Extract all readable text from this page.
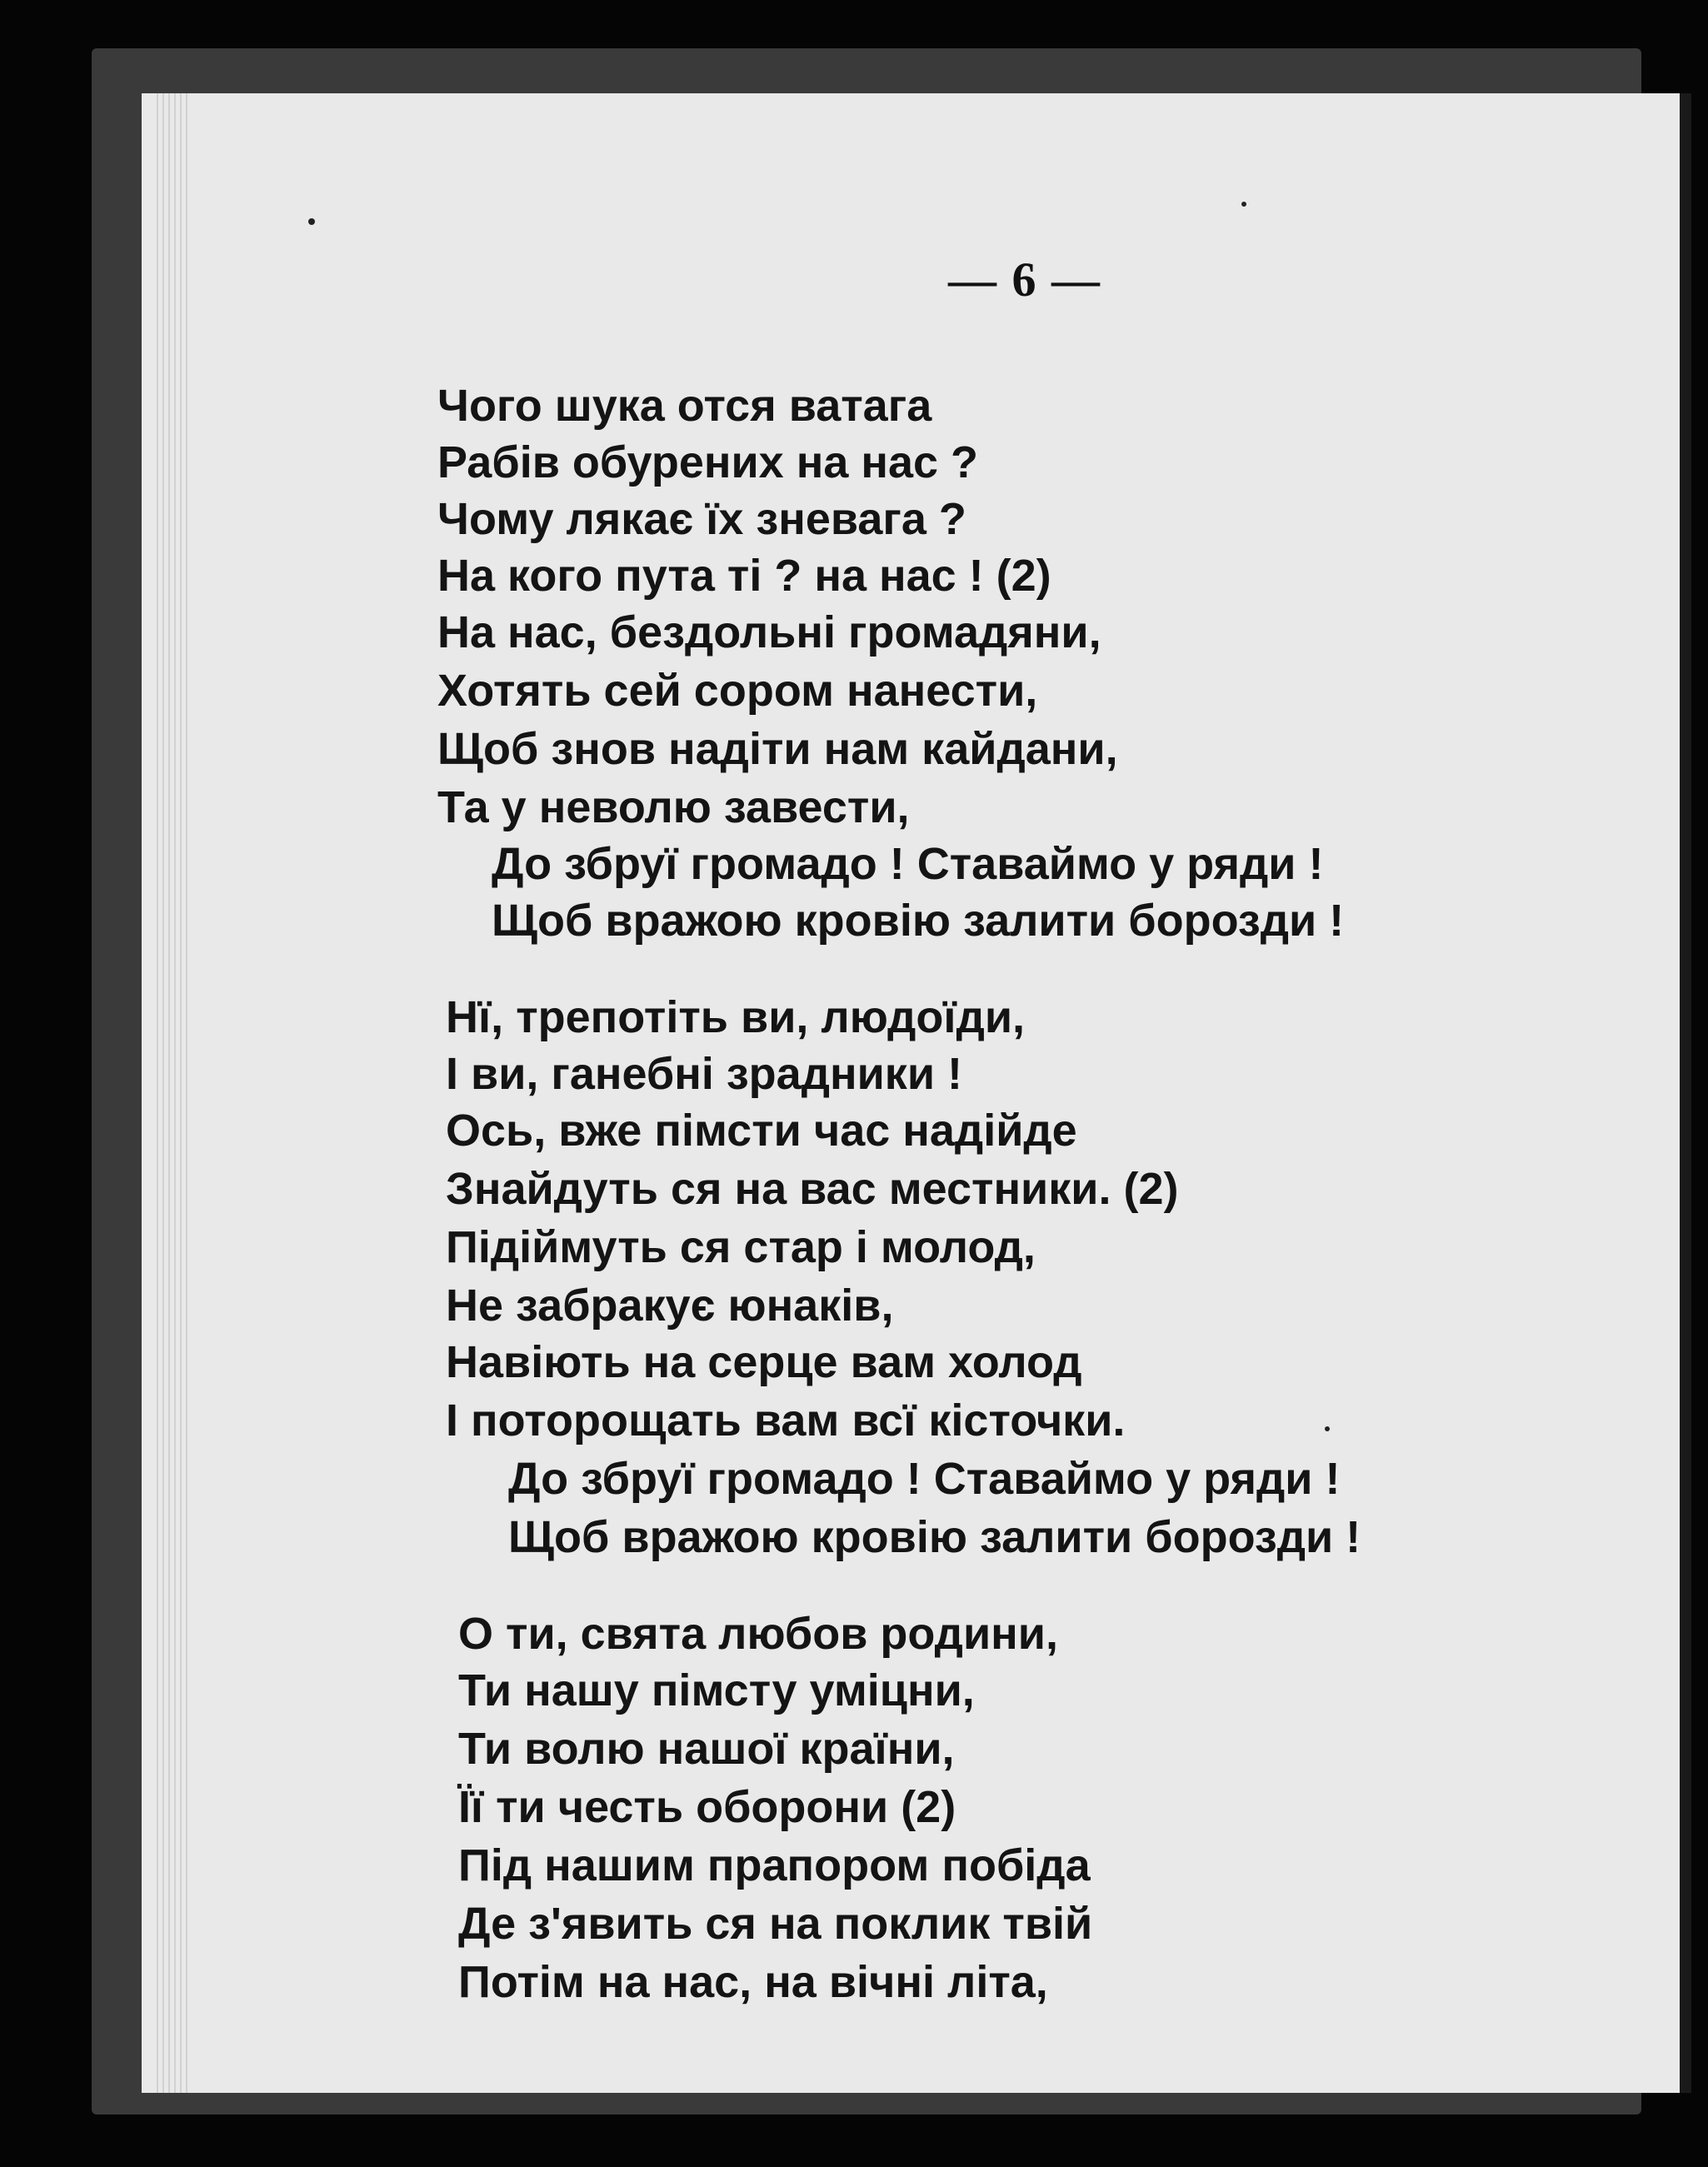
— 6 —
Чого шука отся ватага
Рабів обурених на нас ?
Чому лякає їх зневага ?
На кого пута ті ? на нас ! (2)
На нас, бездольні громадяни,
Хотять сей сором нанести,
Щоб знов надіти нам кайдани,
Та у неволю завести,
До збруї громадо ! Ставаймо у ряди !
Щоб вражою кровію залити борозди !
Нї, трепотіть ви, людоїди,
І ви, ганебні зрадники !
Ось, вже пімсти час надійде
Знайдуть ся на вас местники. (2)
Підіймуть ся стар і молод,
Не забракує юнаків,
Навіють на серце вам холод
І поторощать вам всї кісточки.
До збруї громадо ! Ставаймо у ряди !
Щоб вражою кровію залити борозди !
О ти, свята любов родини,
Ти нашу пімсту уміцни,
Ти волю нашої країни,
Її ти честь оборони (2)
Під нашим прапором побіда
Де з'явить ся на поклик твій
Потім на нас, на вічні літа,
